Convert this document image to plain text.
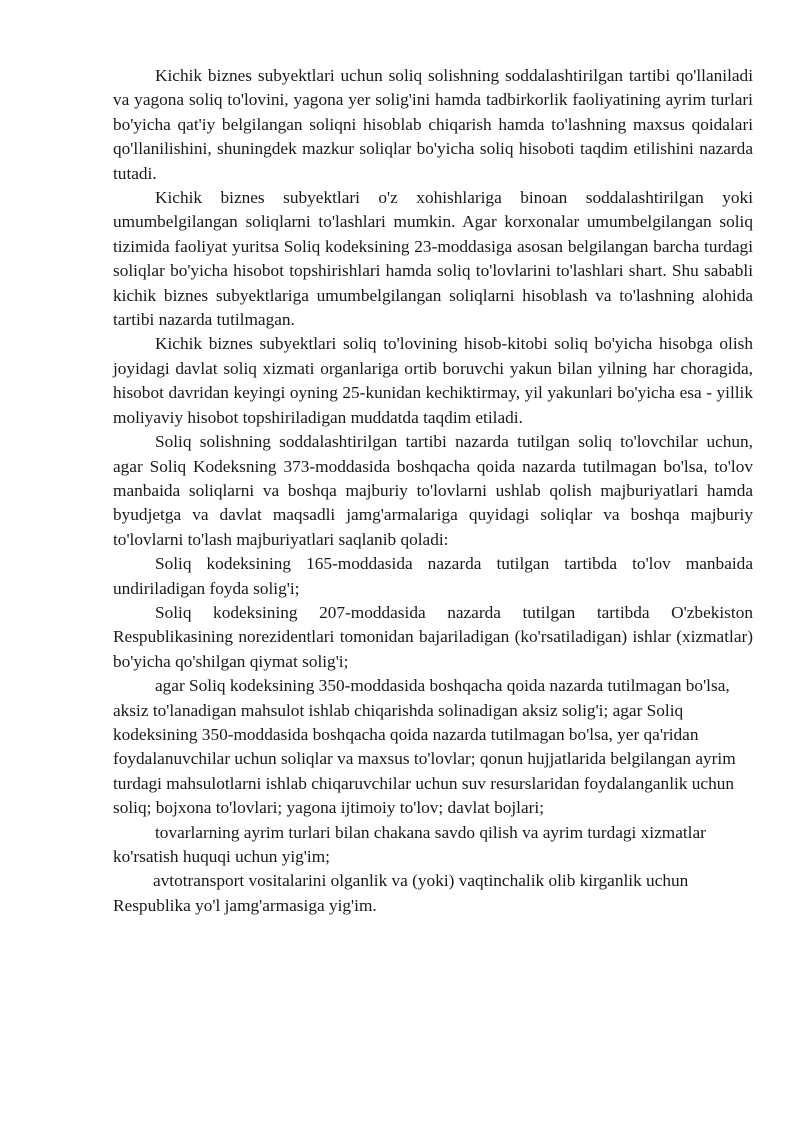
Kichik biznes subyektlari uchun soliq solishning soddalashtirilgan tartibi qo'llaniladi va yagona soliq to'lovini, yagona yer solig'ini hamda tadbirkorlik faoliyatining ayrim turlari bo'yicha qat'iy belgilangan soliqni hisoblab chiqarish hamda to'lashning maxsus qoidalari qo'llanilishini, shuningdek mazkur soliqlar bo'yicha soliq hisoboti taqdim etilishini nazarda tutadi.

Kichik biznes subyektlari o'z xohishlariga binoan soddalashtirilgan yoki umumbelgilangan soliqlarni to'lashlari mumkin. Agar korxonalar umumbelgilangan soliq tizimida faoliyat yuritsa Soliq kodeksining 23-moddasiga asosan belgilangan barcha turdagi soliqlar bo'yicha hisobot topshirishlari hamda soliq to'lovlarini to'lashlari shart. Shu sababli kichik biznes subyektlariga umumbelgilangan soliqlarni hisoblash va to'lashning alohida tartibi nazarda tutilmagan.

Kichik biznes subyektlari soliq to'lovining hisob-kitobi soliq bo'yicha hisobga olish joyidagi davlat soliq xizmati organlariga ortib boruvchi yakun bilan yilning har choragida, hisobot davridan keyingi oyning 25-kunidan kechiktirmay, yil yakunlari bo'yicha esa - yillik moliyaviy hisobot topshiriladigan muddatda taqdim etiladi.

Soliq solishning soddalashtirilgan tartibi nazarda tutilgan soliq to'lovchilar uchun, agar Soliq Kodeksning 373-moddasida boshqacha qoida nazarda tutilmagan bo'lsa, to'lov manbaida soliqlarni va boshqa majburiy to'lovlarni ushlab qolish majburiyatlari hamda byudjetga va davlat maqsadli jamg'armalariga quyidagi soliqlar va boshqa majburiy to'lovlarni to'lash majburiyatlari saqlanib qoladi:

Soliq kodeksining 165-moddasida nazarda tutilgan tartibda to'lov manbaida undiriladigan foyda solig'i;

Soliq kodeksining 207-moddasida nazarda tutilgan tartibda O'zbekiston Respublikasining norezidentlari tomonidan bajariladigan (ko'rsatiladigan) ishlar (xizmatlar) bo'yicha qo'shilgan qiymat solig'i;

agar Soliq kodeksining 350-moddasida boshqacha qoida nazarda tutilmagan bo'lsa, aksiz to'lanadigan mahsulot ishlab chiqarishda solinadigan aksiz solig'i; agar Soliq kodeksining 350-moddasida boshqacha qoida nazarda tutilmagan bo'lsa, yer qa'ridan foydalanuvchilar uchun soliqlar va maxsus to'lovlar; qonun hujjatlarida belgilangan ayrim turdagi mahsulotlarni ishlab chiqaruvchilar uchun suv resurslaridan foydalanganlik uchun soliq; bojxona to'lovlari; yagona ijtimoiy to'lov; davlat bojlari;

tovarlarning ayrim turlari bilan chakana savdo qilish va ayrim turdagi xizmatlar ko'rsatish huquqi uchun yig'im;

avtotransport vositalarini olganlik va (yoki) vaqtinchalik olib kirganlik uchun Respublika yo'l jamg'armasiga yig'im.
